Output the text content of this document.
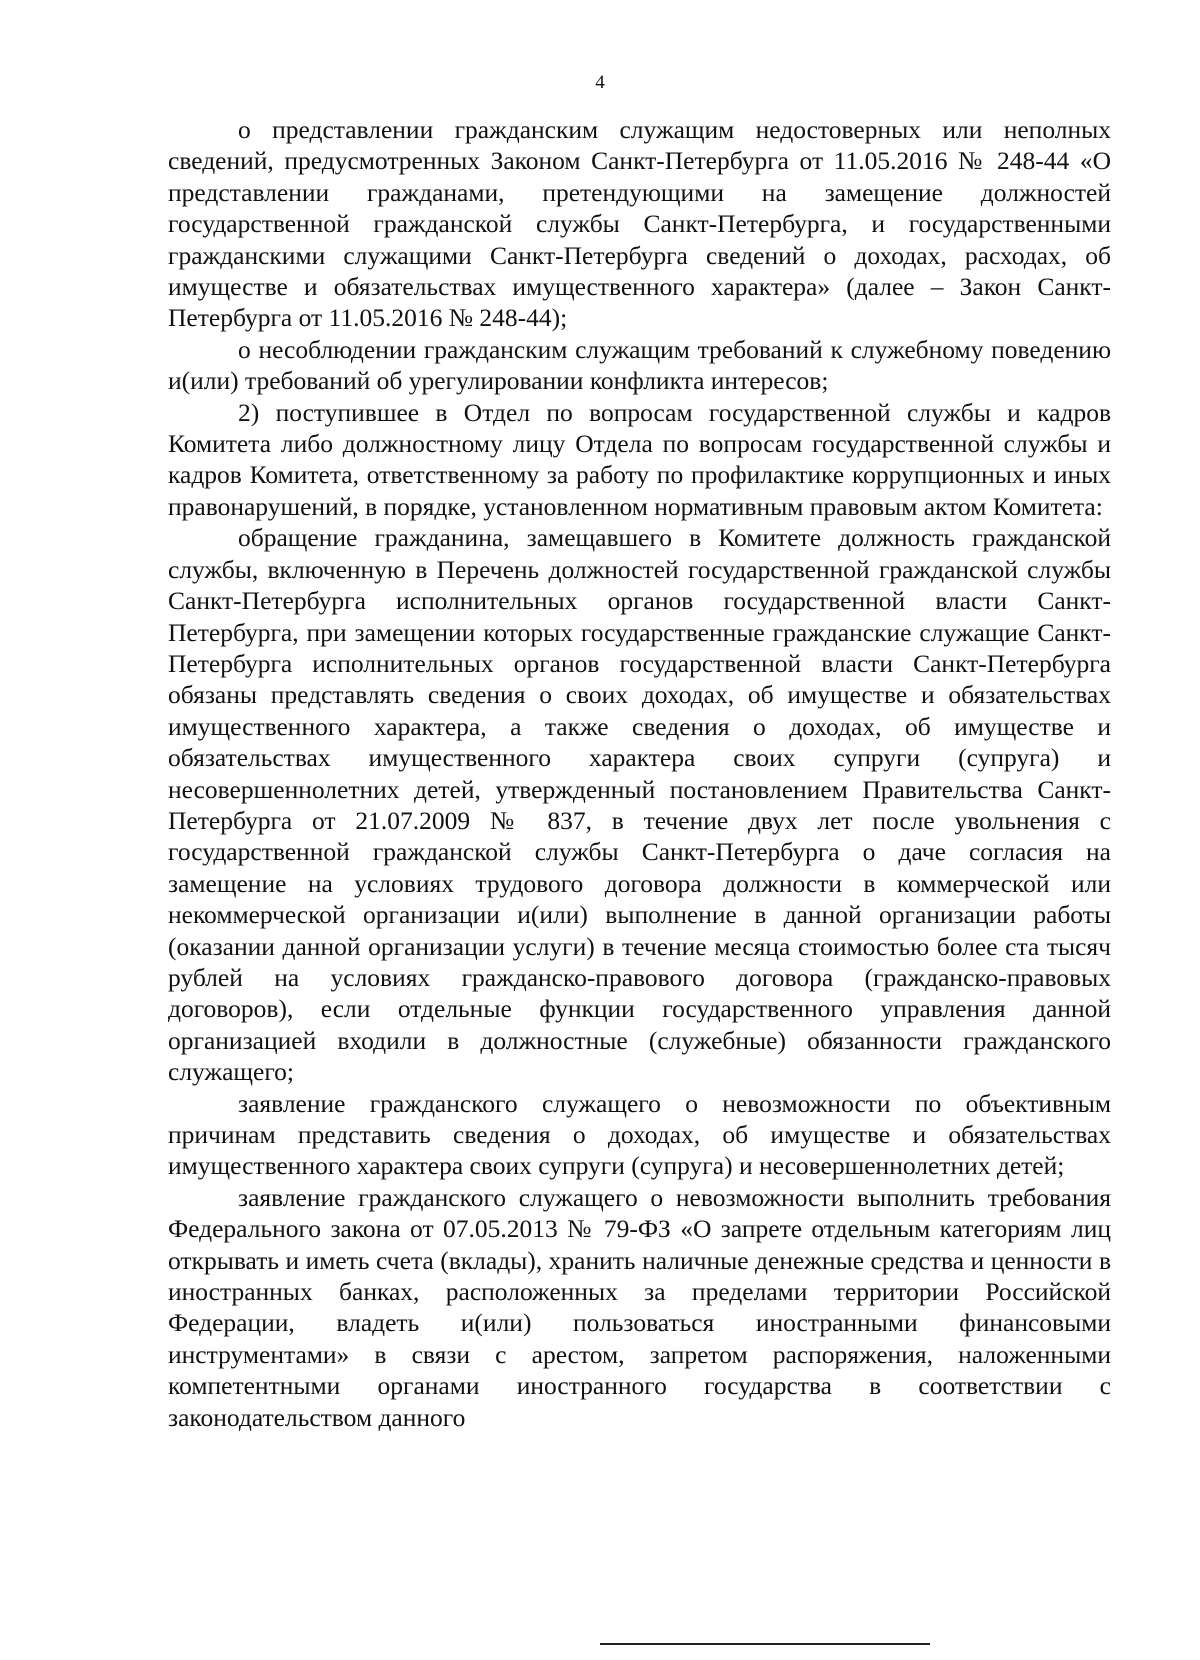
4

о представлении гражданским служащим недостоверных или неполных сведений, предусмотренных Законом Санкт-Петербурга от 11.05.2016 № 248-44 «О представлении гражданами, претендующими на замещение должностей государственной гражданской службы Санкт-Петербурга, и государственными гражданскими служащими Санкт-Петербурга сведений о доходах, расходах, об имуществе и обязательствах имущественного характера» (далее – Закон Санкт-Петербурга от 11.05.2016 № 248-44);

о несоблюдении гражданским служащим требований к служебному поведению и(или) требований об урегулировании конфликта интересов;

2) поступившее в Отдел по вопросам государственной службы и кадров Комитета либо должностному лицу Отдела по вопросам государственной службы и кадров Комитета, ответственному за работу по профилактике коррупционных и иных правонарушений, в порядке, установленном нормативным правовым актом Комитета:

обращение гражданина, замещавшего в Комитете должность гражданской службы, включенную в Перечень должностей государственной гражданской службы Санкт-Петербурга исполнительных органов государственной власти Санкт-Петербурга, при замещении которых государственные гражданские служащие Санкт-Петербурга исполнительных органов государственной власти Санкт-Петербурга обязаны представлять сведения о своих доходах, об имуществе и обязательствах имущественного характера, а также сведения о доходах, об имуществе и обязательствах имущественного характера своих супруги (супруга) и несовершеннолетних детей, утвержденный постановлением Правительства Санкт-Петербурга от 21.07.2009 № 837, в течение двух лет после увольнения с государственной гражданской службы Санкт-Петербурга о даче согласия на замещение на условиях трудового договора должности в коммерческой или некоммерческой организации и(или) выполнение в данной организации работы (оказании данной организации услуги) в течение месяца стоимостью более ста тысяч рублей на условиях гражданско-правового договора (гражданско-правовых договоров), если отдельные функции государственного управления данной организацией входили в должностные (служебные) обязанности гражданского служащего;

заявление гражданского служащего о невозможности по объективным причинам представить сведения о доходах, об имуществе и обязательствах имущественного характера своих супруги (супруга) и несовершеннолетних детей;

заявление гражданского служащего о невозможности выполнить требования Федерального закона от 07.05.2013 № 79-ФЗ «О запрете отдельным категориям лиц открывать и иметь счета (вклады), хранить наличные денежные средства и ценности в иностранных банках, расположенных за пределами территории Российской Федерации, владеть и(или) пользоваться иностранными финансовыми инструментами» в связи с арестом, запретом распоряжения, наложенными компетентными органами иностранного государства в соответствии с законодательством данного
